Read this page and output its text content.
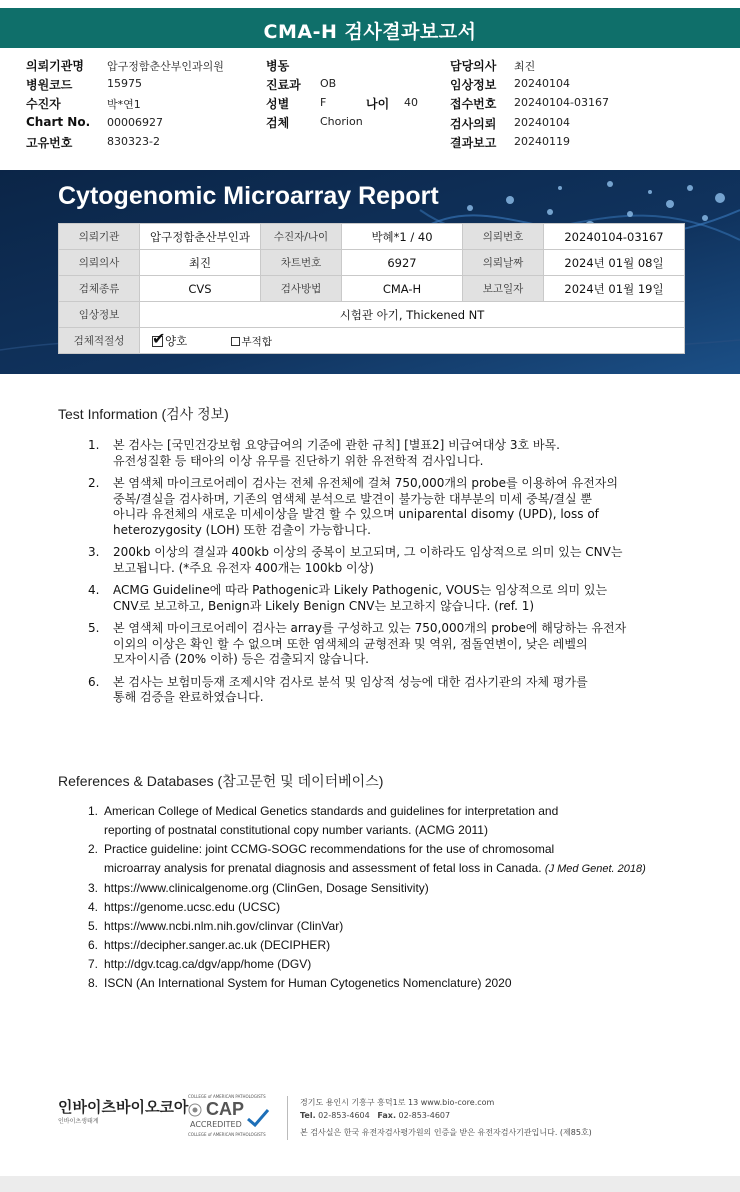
CMA-H 검사결과보고서
의뢰기관명 압구정함춘산부인과의원
병원코드	15975
수진자	박*연1
Chart No. 00006927
고유번호	830323-2
병동
진료과 OB
성별	F	나이 40
검체	Chorion
담당의사 최진
임상정보 20240104
접수번호 20240104-03167
검사의뢰 20240104
결과보고 20240119
Cytogenomic Microarray Report
의뢰기관	압구정함춘산부인과	수진자/나이	박혜*1 / 40	의뢰번호	20240104-03167
의뢰의사	최진	차트번호	6927	의뢰날짜	2024년 01월 08일
검체종류	CVS	검사방법	CMA-H	보고일자	2024년 01월 19일
임상정보	시험관 아기, Thickened NT				
검체적절성	✔ 양호 부적합				
Test Information (검사 정보)
1. 본 검사는 [국민건강보험 요양급여의 기준에 관한 규칙] [별표2] 비급여대상 3호 바목.
유전성질환 등 태아의 이상 유무를 진단하기 위한 유전학적 검사입니다.
2. 본 염색체 마이크로어레이 검사는 전체 유전체에 걸쳐 750,000개의 probe를 이용하여 유전자의
중복/결실을 검사하며, 기존의 염색체 분석으로 발견이 불가능한 대부분의 미세 중복/결실 뿐
아니라 유전체의 새로운 미세이상을 발견 할 수 있으며 uniparental disomy (UPD), loss of
heterozygosity (LOH) 또한 검출이 가능합니다.
3. 200kb 이상의 결실과 400kb 이상의 중복이 보고되며, 그 이하라도 임상적으로 의미 있는 CNV는
보고됩니다. (*주요 유전자 400개는 100kb 이상)
4. ACMG Guideline에 따라 Pathogenic과 Likely Pathogenic, VOUS는 임상적으로 의미 있는
CNV로 보고하고, Benign과 Likely Benign CNV는 보고하지 않습니다. (ref. 1)
5. 본 염색체 마이크로어레이 검사는 array를 구성하고 있는 750,000개의 probe에 해당하는 유전자
이외의 이상은 확인 할 수 없으며 또한 염색체의 균형전좌 및 역위, 점돌연변이, 낮은 레벨의
모자이시즘 (20% 이하) 등은 검출되지 않습니다.
6. 본 검사는 보험미등재 조제시약 검사로 분석 및 임상적 성능에 대한 검사기관의 자체 평가를
통해 검증을 완료하였습니다.
References & Databases (참고문헌 및 데이터베이스)
1. American College of Medical Genetics standards and guidelines for interpretation and
reporting of postnatal constitutional copy number variants. (ACMG 2011)
2. Practice guideline: joint CCMG-SOGC recommendations for the use of chromosomal
microarray analysis for prenatal diagnosis and assessment of fetal loss in Canada. (J Med Genet. 2018)
3. https://www.clinicalgenome.org (ClinGen, Dosage Sensitivity)
4. https://genome.ucsc.edu (UCSC)
5. https://www.ncbi.nlm.nih.gov/clinvar (ClinVar)
6. https://decipher.sanger.ac.uk (DECIPHER)
7. http://dgv.tcag.ca/dgv/app/home (DGV)
8. ISCN (An International System for Human Cytogenetics Nomenclature) 2020
인바이츠바이오코아
인바이츠생태계
COLLEGE of AMERICAN PATHOLOGISTS
CAP
ACCREDITED
COLLEGE of AMERICAN PATHOLOGISTS
경기도 용인시 기흥구 흥덕1로 13 www.bio-core.com
Tel. 02-853-4604 Fax. 02-853-4607
본 검사실은 한국 유전자검사평가원의 인증을 받은 유전자검사기관입니다. (제85호)
